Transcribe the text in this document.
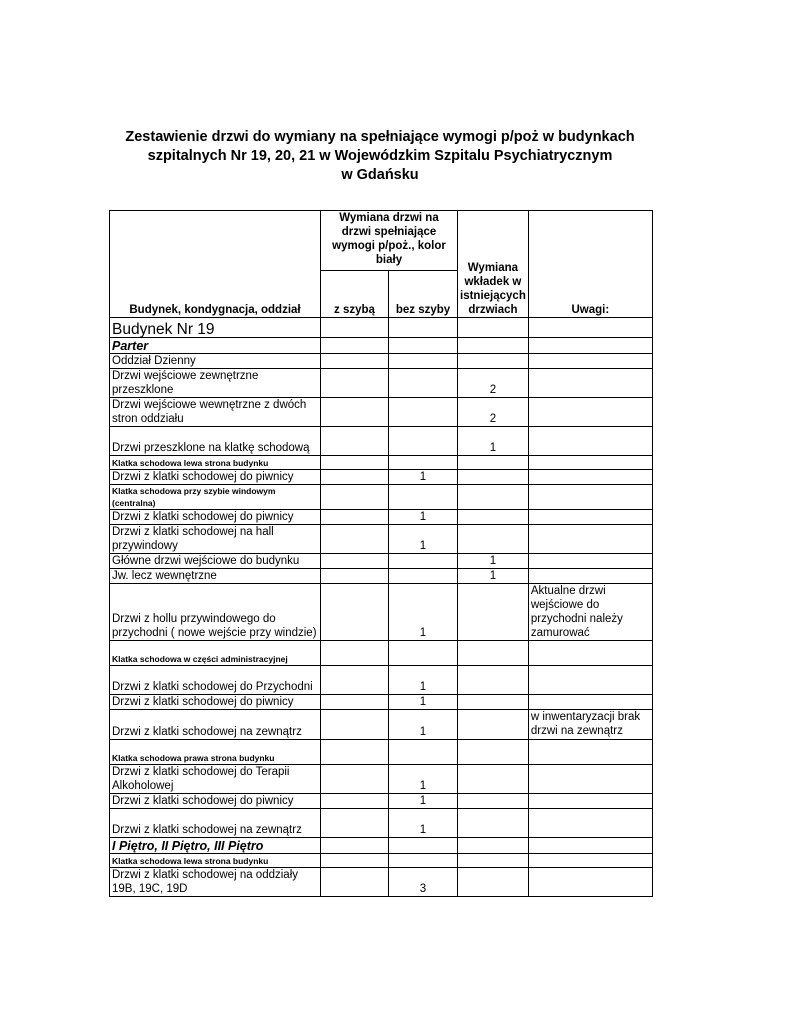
Zestawienie drzwi do wymiany na spełniające wymogi p/poż w budynkach
szpitalnych Nr 19, 20, 21 w Wojewódzkim Szpitalu Psychiatrycznym
w Gdańsku
Budynek, kondygnacja, oddział	Wymiana drzwi na drzwi spełniające wymogi p/poż., kolor biały		Wymiana wkładek w istniejących drzwiach	Uwagi:
	z szybą	bez szyby		
Budynek Nr 19				
Parter				
Oddział Dzienny				
Drzwi wejściowe zewnętrzne przeszklone			2	
Drzwi wejściowe wewnętrzne z dwóch stron oddziału			2	
Drzwi przeszklone na klatkę schodową			1	
Klatka schodowa lewa strona budynku				
Drzwi z klatki schodowej do piwnicy		1		
Klatka schodowa przy szybie windowym (centralna)				
Drzwi z klatki schodowej do piwnicy		1		
Drzwi z klatki schodowej na hall przywindowy		1		
Główne drzwi wejściowe do budynku			1	
Jw. lecz wewnętrzne			1	
Drzwi z hollu przywindowego do przychodni ( nowe wejście przy windzie)		1		Aktualne drzwi wejściowe do przychodni należy zamurować
Klatka schodowa w części administracyjnej				
Drzwi z klatki schodowej do Przychodni		1		
Drzwi z klatki schodowej do piwnicy		1		
Drzwi z klatki schodowej na zewnątrz		1		w inwentaryzacji brak drzwi na zewnątrz
Klatka schodowa prawa strona budynku				
Drzwi z klatki schodowej do Terapii Alkoholowej		1		
Drzwi z klatki schodowej do piwnicy		1		
Drzwi z klatki schodowej na zewnątrz		1		
I Piętro, II Piętro, III Piętro				
Klatka schodowa lewa strona budynku				
Drzwi z klatki schodowej na oddziały 19B, 19C, 19D		3		
